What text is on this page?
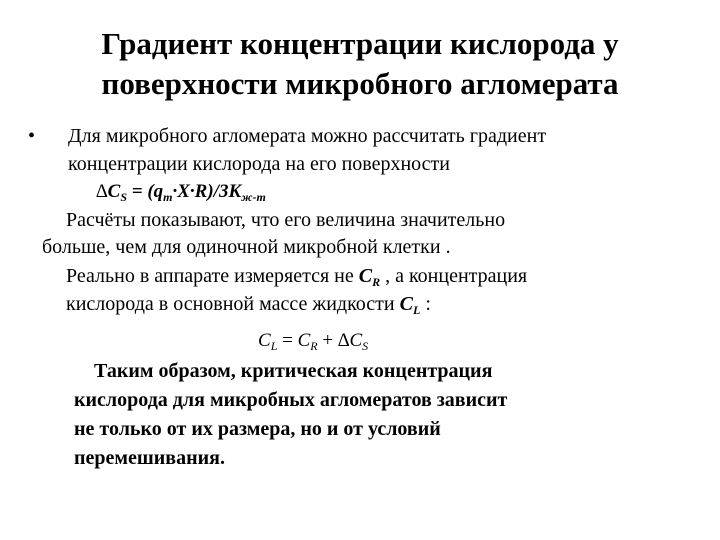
Градиент концентрации кислорода у
поверхности микробного агломерата
• Для микробного агломерата можно рассчитать градиент
концентрации кислорода на его поверхности
$\Delta C_S = (q_m\cdot X\cdot R)/3K_{ж-т}$
Расчёты показывают, что его величина значительно
больше, чем для одиночной микробной клетки .
Реально в аппарате измеряется не $C_R$ , а концентрация
кислорода в основной массе жидкости $C_L$ :
$C_L = C_R + \Delta C_S$
Таким образом, критическая концентрация
кислорода для микробных агломератов зависит
не только от их размера, но и от условий
перемешивания.
